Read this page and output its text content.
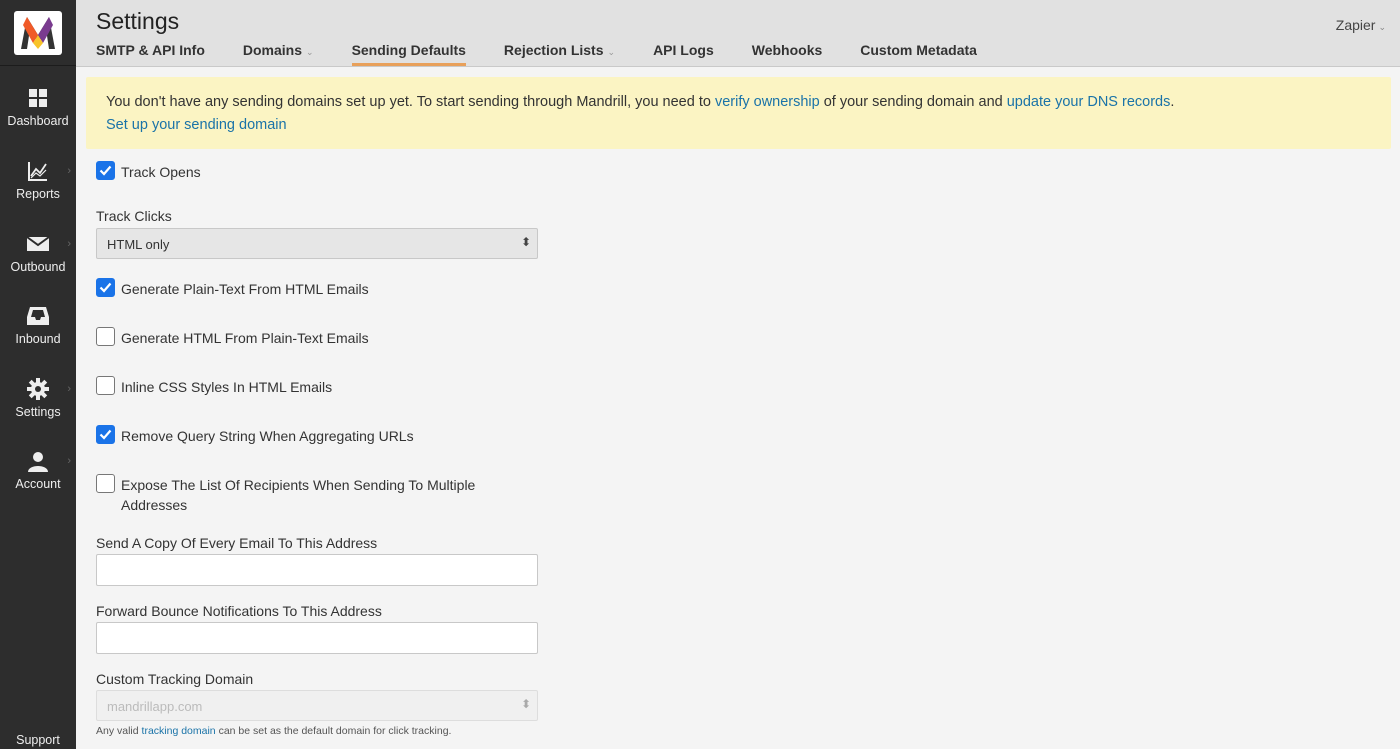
Dashboard
Reports
›
Outbound
›
Inbound
Settings
›
Account
›
Support
Settings	Zapier ⌄
SMTP & API Info	Domains ⌄	Sending Defaults	Rejection Lists ⌄	API Logs	Webhooks	Custom Metadata
You don't have any sending domains set up yet. To start sending through Mandrill, you need to verify ownership of your sending domain and update your DNS records.
Set up your sending domain
Track Opens
Track Clicks
HTML only	⬍
Generate Plain-Text From HTML Emails
Generate HTML From Plain-Text Emails
Inline CSS Styles In HTML Emails
Remove Query String When Aggregating URLs
Expose The List Of Recipients When Sending To Multiple
Addresses
Send A Copy Of Every Email To This Address
Forward Bounce Notifications To This Address
Custom Tracking Domain
mandrillapp.com	⬍
Any valid tracking domain can be set as the default domain for click tracking.
